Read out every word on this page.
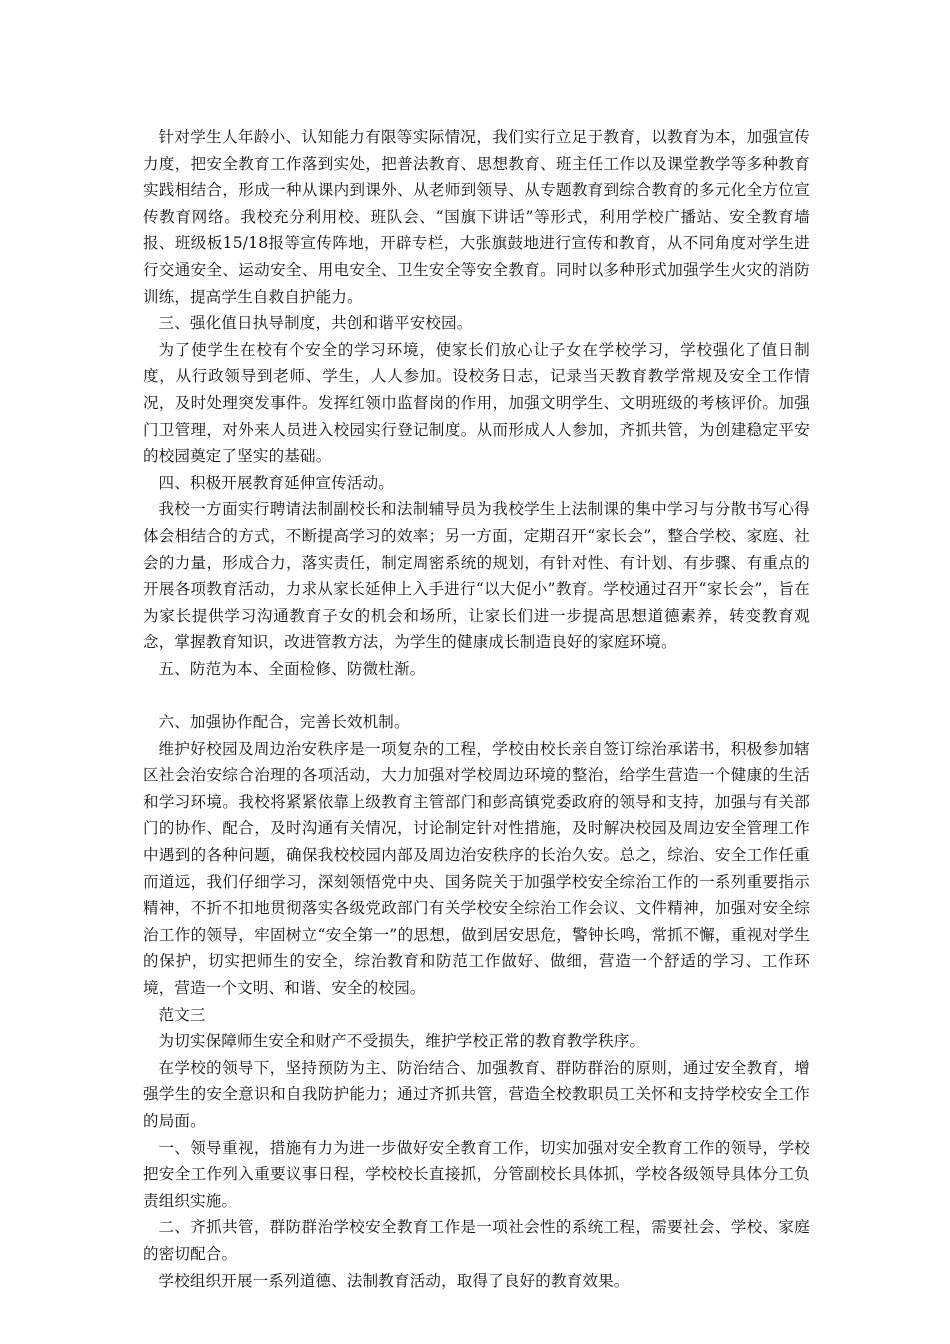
针对学生人年龄小、认知能力有限等实际情况，我们实行立足于教育，以教育为本，加强宣传力度，把安全教育工作落到实处，把普法教育、思想教育、班主任工作以及课堂教学等多种教育实践相结合，形成一种从课内到课外、从老师到领导、从专题教育到综合教育的多元化全方位宣传教育网络。我校充分利用校、班队会、“国旗下讲话”等形式，利用学校广播站、安全教育墙报、班级板15/18报等宣传阵地，开辟专栏，大张旗鼓地进行宣传和教育，从不同角度对学生进行交通安全、运动安全、用电安全、卫生安全等安全教育。同时以多种形式加强学生火灾的消防训练，提高学生自救自护能力。

三、强化值日执导制度，共创和谐平安校园。

为了使学生在校有个安全的学习环境，使家长们放心让子女在学校学习，学校强化了值日制度，从行政领导到老师、学生，人人参加。设校务日志，记录当天教育教学常规及安全工作情况，及时处理突发事件。发挥红领巾监督岗的作用，加强文明学生、文明班级的考核评价。加强门卫管理，对外来人员进入校园实行登记制度。从而形成人人参加，齐抓共管，为创建稳定平安的校园奠定了坚实的基础。

四、积极开展教育延伸宣传活动。

我校一方面实行聘请法制副校长和法制辅导员为我校学生上法制课的集中学习与分散书写心得体会相结合的方式，不断提高学习的效率；另一方面，定期召开“家长会”，整合学校、家庭、社会的力量，形成合力，落实责任，制定周密系统的规划，有针对性、有计划、有步骤、有重点的开展各项教育活动，力求从家长延伸上入手进行“以大促小”教育。学校通过召开“家长会”，旨在为家长提供学习沟通教育子女的机会和场所，让家长们进一步提高思想道德素养，转变教育观念，掌握教育知识，改进管教方法，为学生的健康成长制造良好的家庭环境。

五、防范为本、全面检修、防微杜渐。

六、加强协作配合，完善长效机制。

维护好校园及周边治安秩序是一项复杂的工程，学校由校长亲自签订综治承诺书，积极参加辖区社会治安综合治理的各项活动，大力加强对学校周边环境的整治，给学生营造一个健康的生活和学习环境。我校将紧紧依靠上级教育主管部门和彭高镇党委政府的领导和支持，加强与有关部门的协作、配合，及时沟通有关情况，讨论制定针对性措施，及时解决校园及周边安全管理工作中遇到的各种问题，确保我校校园内部及周边治安秩序的长治久安。总之，综治、安全工作任重而道远，我们仔细学习，深刻领悟党中央、国务院关于加强学校安全综治工作的一系列重要指示精神，不折不扣地贯彻落实各级党政部门有关学校安全综治工作会议、文件精神，加强对安全综治工作的领导，牢固树立“安全第一”的思想，做到居安思危，警钟长鸣，常抓不懈，重视对学生的保护，切实把师生的安全，综治教育和防范工作做好、做细，营造一个舒适的学习、工作环境，营造一个文明、和谐、安全的校园。

范文三

为切实保障师生安全和财产不受损失，维护学校正常的教育教学秩序。

在学校的领导下，坚持预防为主、防治结合、加强教育、群防群治的原则，通过安全教育，增强学生的安全意识和自我防护能力；通过齐抓共管，营造全校教职员工关怀和支持学校安全工作的局面。

一、领导重视，措施有力为进一步做好安全教育工作，切实加强对安全教育工作的领导，学校把安全工作列入重要议事日程，学校校长直接抓，分管副校长具体抓，学校各级领导具体分工负责组织实施。

二、齐抓共管，群防群治学校安全教育工作是一项社会性的系统工程，需要社会、学校、家庭的密切配合。

学校组织开展一系列道德、法制教育活动，取得了良好的教育效果。
